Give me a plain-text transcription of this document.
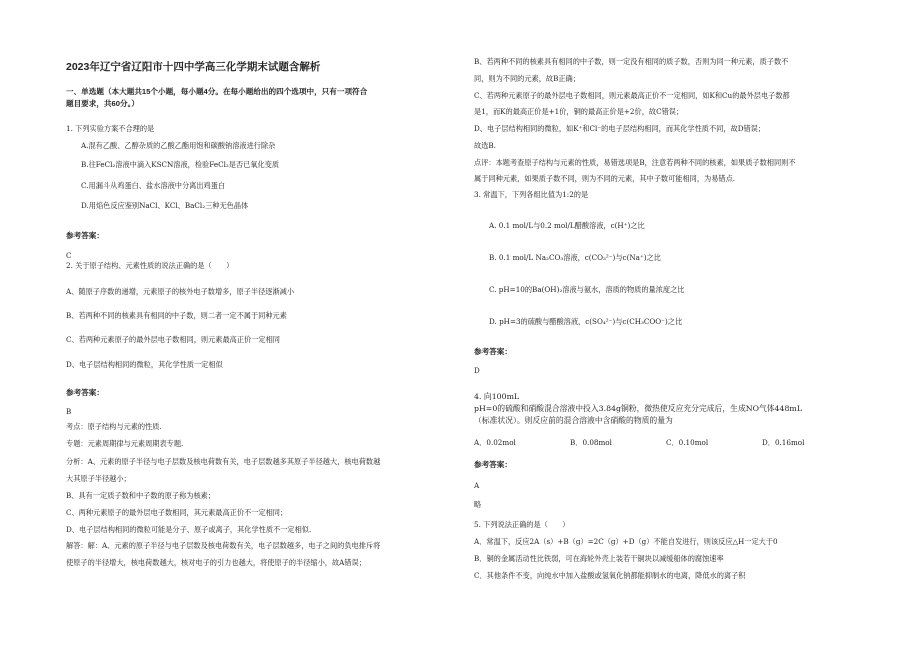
2023年辽宁省辽阳市十四中学高三化学期末试题含解析
一、单选题（本大题共15个小题，每小题4分。在每小题给出的四个选项中，只有一项符合
题目要求，共60分。）
1. 下列实验方案不合理的是
A.混有乙酸、乙醇杂质的乙酸乙酯用饱和碳酸钠溶液进行除杂
B.往FeCl₂溶液中滴入KSCN溶液，检验FeCl₂是否已氧化变质
C.用漏斗从鸡蛋白、盐水溶液中分离出鸡蛋白
D.用焰色反应鉴别NaCl、KCl、BaCl₂三种无色晶体
参考答案：
C
2. 关于原子结构、元素性质的说法正确的是（　　）
A、随原子序数的递增，元素原子的核外电子数增多，原子半径逐渐减小
B、若两种不同的核素具有相同的中子数，则二者一定不属于同种元素
C、若两种元素原子的最外层电子数相同，则元素最高正价一定相同
D、电子层结构相同的微粒，其化学性质一定相似
参考答案：
B
考点：原子结构与元素的性质.
专题：元素周期律与元素周期表专题.
分析：A、元素的原子半径与电子层数及核电荷数有关，电子层数越多其原子半径越大，核电荷数越
大其原子半径越小；
B、具有一定质子数和中子数的原子称为核素；
C、两种元素原子的最外层电子数相同，其元素最高正价不一定相同；
D、电子层结构相同的微粒可能是分子、原子或离子，其化学性质不一定相似.
解答：解：A、元素的原子半径与电子层数及核电荷数有关，电子层数越多，电子之间的负电排斥将
使原子的半径增大，核电荷数越大，核对电子的引力也越大，将使原子的半径缩小，故A错误；
B、若两种不同的核素具有相同的中子数，则一定没有相同的质子数，否则为同一种元素，质子数不
同，则为不同的元素，故B正确；
C、若两种元素原子的最外层电子数相同，则元素最高正价不一定相同，如K和Cu的最外层电子数都
是1，而K的最高正价是+1价，铜的最高正价是+2价，故C错误；
D、电子层结构相同的微粒，如K⁺和Cl⁻的电子层结构相同，而其化学性质不同，故D错误；
故选B.
点评：本题考查原子结构与元素的性质，易错选项是B，注意若两种不同的核素，如果质子数相同则不
属于同种元素，如果质子数不同，则为不同的元素，其中子数可能相同，为易错点.
3. 常温下，下列各组比值为1:2的是
A. 0.1 mol/L与0.2 mol/L醋酸溶液，c(H⁺)之比
B. 0.1 mol/L Na₂CO₃溶液，c(CO₃²⁻)与c(Na⁺)之比
C. pH=10的Ba(OH)₂溶液与氨水，溶质的物质的量浓度之比
D. pH=3的硫酸与醋酸溶液，c(SO₄²⁻)与c(CH₃COO⁻)之比
参考答案：
D
4. 向100mL
pH=0的硫酸和硝酸混合溶液中投入3.84g铜粉，微热使反应充分完成后，生成NO气体448mL
（标准状况）。则反应前的混合溶液中含硝酸的物质的量为
A．0.02mol	B．0.08mol	C．0.10mol	D．0.16mol
参考答案：
A
略
5. 下列说法正确的是（　　）
A．常温下，反应2A（s）+B（g）=2C（g）+D（g）不能自发进行，则该反应△H一定大于0
B．铜的金属活动性比铁弱，可在海轮外壳上装若干铜块以减缓船体的腐蚀速率
C．其他条件不变，向纯水中加入盐酸或氢氧化钠都能抑制水的电离，降低水的离子积
